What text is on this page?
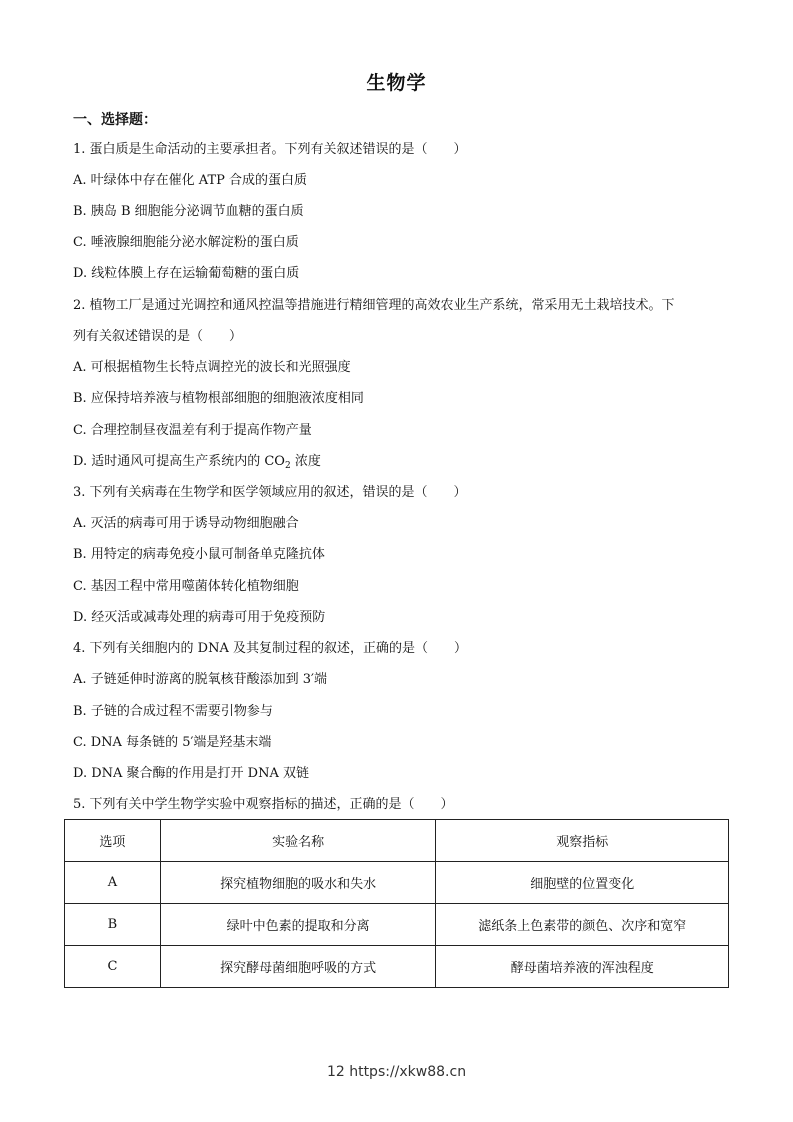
生物学
一、选择题：
1. 蛋白质是生命活动的主要承担者。下列有关叙述错误的是（　　）
A. 叶绿体中存在催化 ATP 合成的蛋白质
B. 胰岛 B 细胞能分泌调节血糖的蛋白质
C. 唾液腺细胞能分泌水解淀粉的蛋白质
D. 线粒体膜上存在运输葡萄糖的蛋白质
2. 植物工厂是通过光调控和通风控温等措施进行精细管理的高效农业生产系统，常采用无土栽培技术。下
列有关叙述错误的是（　　）
A. 可根据植物生长特点调控光的波长和光照强度
B. 应保持培养液与植物根部细胞的细胞液浓度相同
C. 合理控制昼夜温差有利于提高作物产量
D. 适时通风可提高生产系统内的 $CO_2$ 浓度
3. 下列有关病毒在生物学和医学领域应用的叙述，错误的是（　　）
A. 灭活的病毒可用于诱导动物细胞融合
B. 用特定的病毒免疫小鼠可制备单克隆抗体
C. 基因工程中常用噬菌体转化植物细胞
D. 经灭活或减毒处理的病毒可用于免疫预防
4. 下列有关细胞内的 DNA 及其复制过程的叙述，正确的是（　　）
A. 子链延伸时游离的脱氧核苷酸添加到 3′端
B. 子链的合成过程不需要引物参与
C. DNA 每条链的 5′端是羟基末端
D. DNA 聚合酶的作用是打开 DNA 双链
5. 下列有关中学生物学实验中观察指标的描述，正确的是（　　）
选项	实验名称	观察指标
A	探究植物细胞的吸水和失水	细胞壁的位置变化
B	绿叶中色素的提取和分离	滤纸条上色素带的颜色、次序和宽窄
C	探究酵母菌细胞呼吸的方式	酵母菌培养液的浑浊程度
12 https://xkw88.cn
